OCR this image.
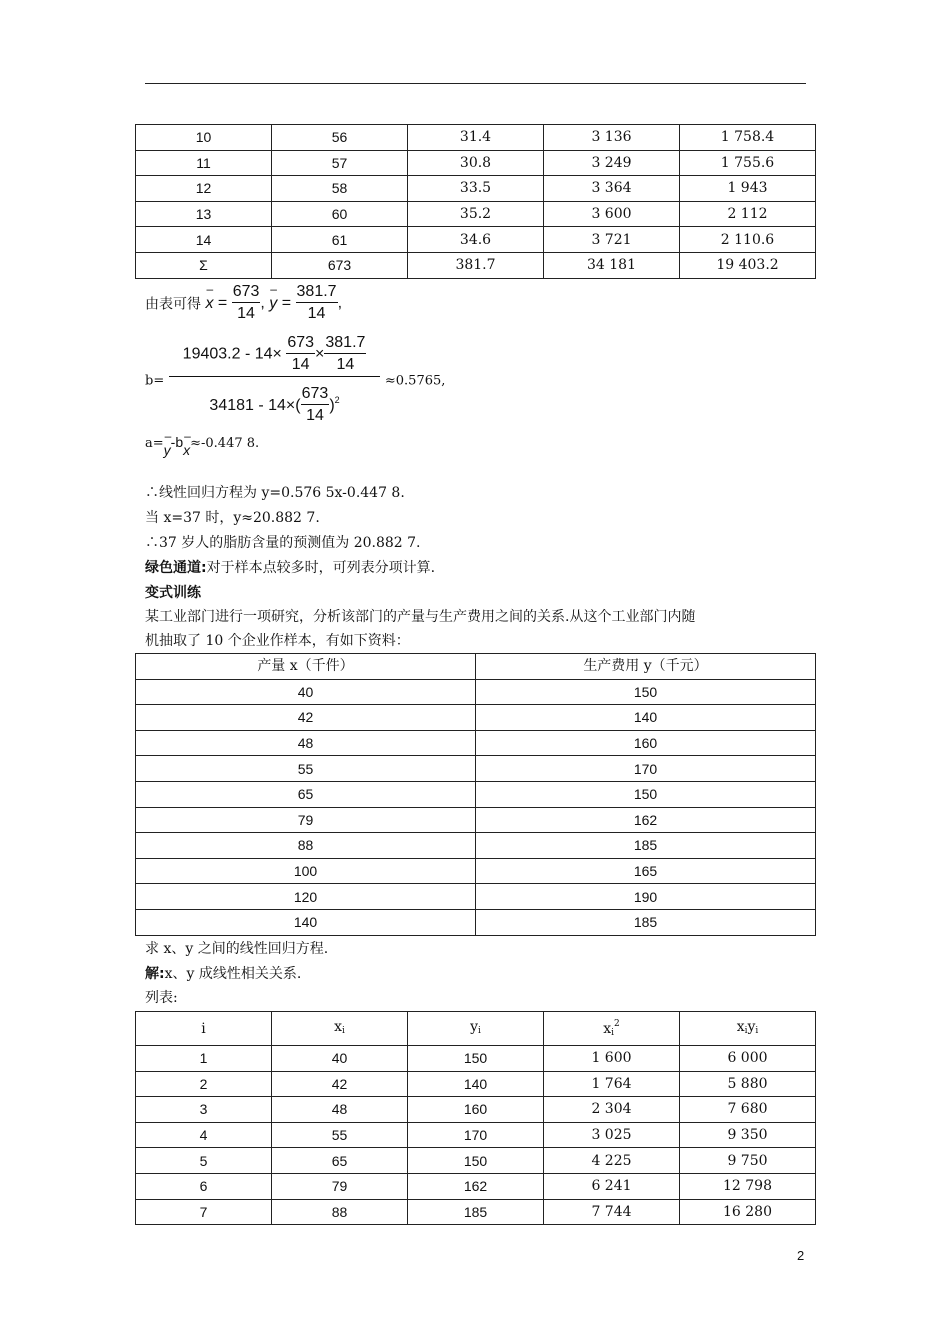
10	56	31.4	3 136	1 758.4
11	57	30.8	3 249	1 755.6
12	58	33.5	3 364	1 943
13	60	35.2	3 600	2 112
14	61	34.6	3 721	2 110.6
Σ	673	381.7	34 181	19 403.2
由表可得 – $x = \frac{673}{14}$ , – $y = \frac{381.7}{14}$ ,
$b= \frac{19403.2 - 14\times \frac{673}{14} \times \frac{381.7}{14}}{34181 - 14\times( \frac{673}{14} )^2} \approx 0.5765$,
a=– y-b– x≈-0.447 8.
∴线性回归方程为 y=0.576 5x-0.447 8.
当 x=37 时，y≈20.882 7.
∴37 岁人的脂肪含量的预测值为 20.882 7.
绿色通道:对于样本点较多时，可列表分项计算.
变式训练
某工业部门进行一项研究，分析该部门的产量与生产费用之间的关系.从这个工业部门内随
机抽取了 10 个企业作样本，有如下资料：
产量 x（千件）	生产费用 y（千元）
40	150
42	140
48	160
55	170
65	150
79	162
88	185
100	165
120	190
140	185
求 x、y 之间的线性回归方程.
解:x、y 成线性相关关系.
列表:
i	$x_i$	$y_i$	$x_i^2$	$x_iy_i$
1	40	150	1 600	6 000
2	42	140	1 764	5 880
3	48	160	2 304	7 680
4	55	170	3 025	9 350
5	65	150	4 225	9 750
6	79	162	6 241	12 798
7	88	185	7 744	16 280
2
